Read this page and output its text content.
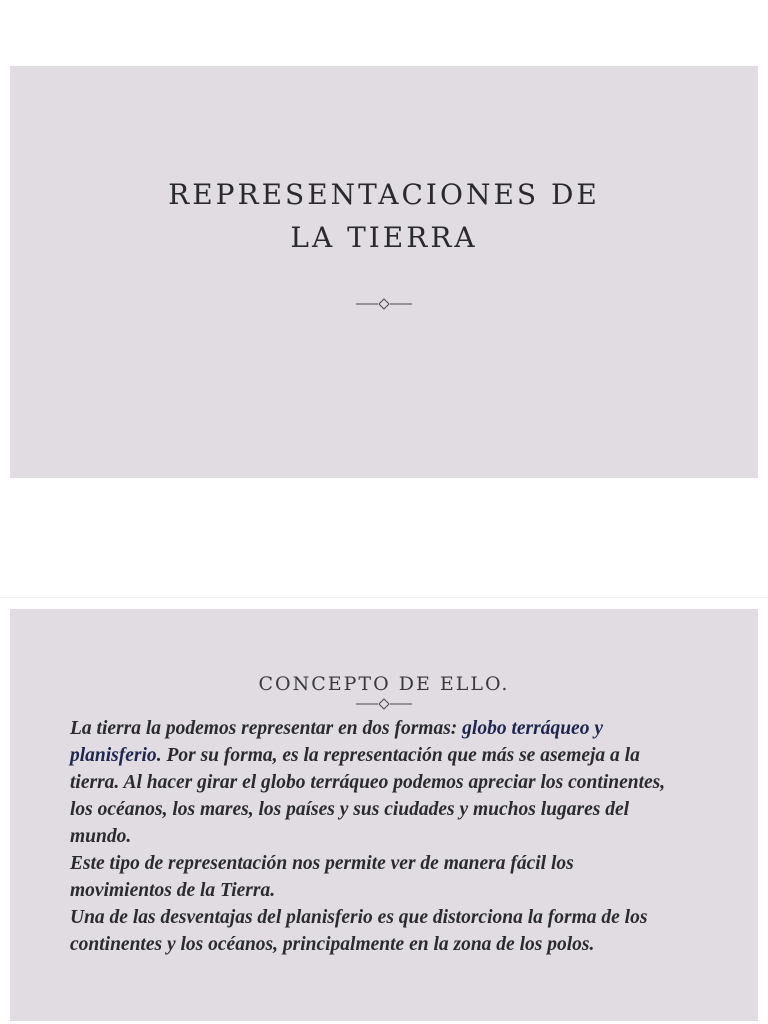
REPRESENTACIONES DE
LA TIERRA
CONCEPTO DE ELLO.
La tierra la podemos representar en dos formas: globo terráqueo y
planisferio. Por su forma, es la representación que más se asemeja a la
tierra. Al hacer girar el globo terráqueo podemos apreciar los continentes,
los océanos, los mares, los países y sus ciudades y muchos lugares del
mundo.
Este tipo de representación nos permite ver de manera fácil los
movimientos de la Tierra.
Una de las desventajas del planisferio es que distorciona la forma de los
continentes y los océanos, principalmente en la zona de los polos.
